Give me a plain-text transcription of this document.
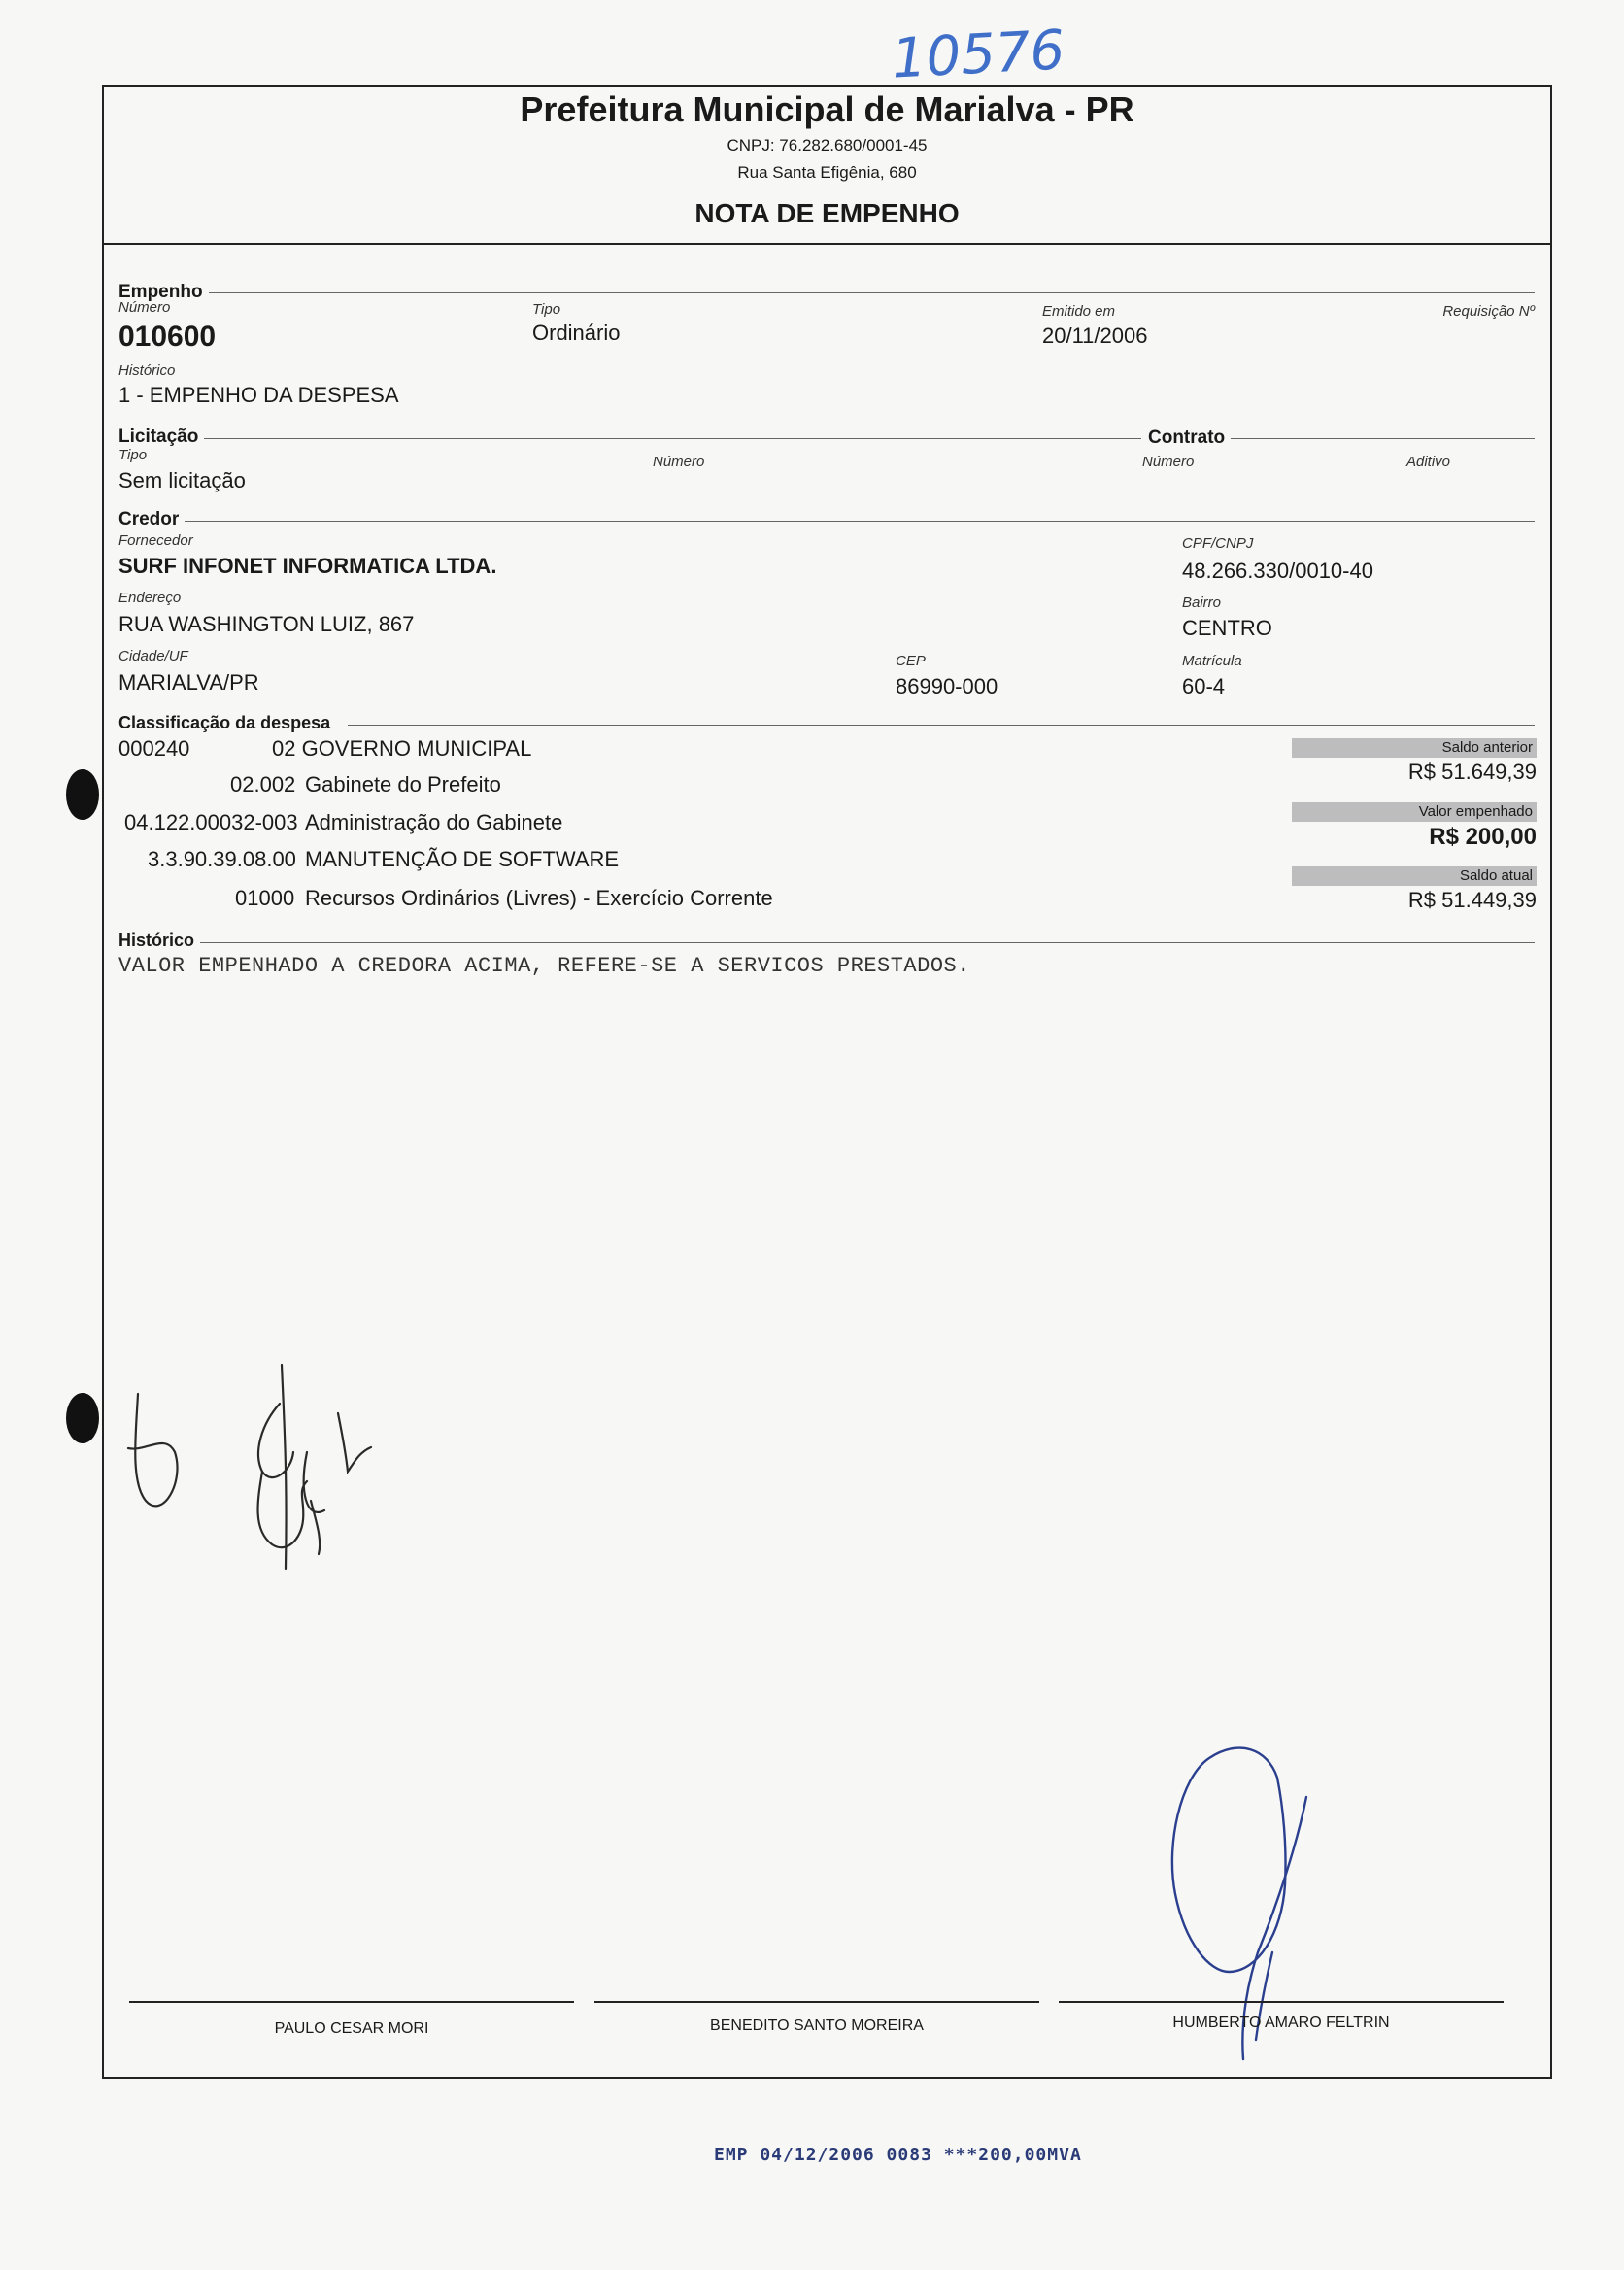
10576
Prefeitura Municipal de Marialva - PR
CNPJ: 76.282.680/0001-45
Rua Santa Efigênia, 680
NOTA DE EMPENHO
Empenho
Número
010600
Tipo
Ordinário
Emitido em
20/11/2006
Requisição Nº
Histórico
1 - EMPENHO DA DESPESA
Licitação	Contrato
Tipo
Sem licitação
Número	Número	Aditivo
Credor
Fornecedor
SURF INFONET INFORMATICA LTDA.
CPF/CNPJ
48.266.330/0010-40
Endereço
RUA WASHINGTON LUIZ, 867
Bairro
CENTRO
Cidade/UF
MARIALVA/PR
CEP
86990-000
Matrícula
60-4
Classificação da despesa
000240	02 GOVERNO MUNICIPAL
02.002 Gabinete do Prefeito
04.122.00032-003 Administração do Gabinete
3.3.90.39.08.00 MANUTENÇÃO DE SOFTWARE
01000 Recursos Ordinários (Livres) - Exercício Corrente
Saldo anterior
R$ 51.649,39
Valor empenhado
R$ 200,00
Saldo atual
R$ 51.449,39
Histórico
VALOR EMPENHADO A CREDORA ACIMA, REFERE-SE A SERVICOS PRESTADOS.
PAULO CESAR MORI	BENEDITO SANTO MOREIRA	HUMBERTO AMARO FELTRIN
EMP 04/12/2006 0083 ***200,00MVA
